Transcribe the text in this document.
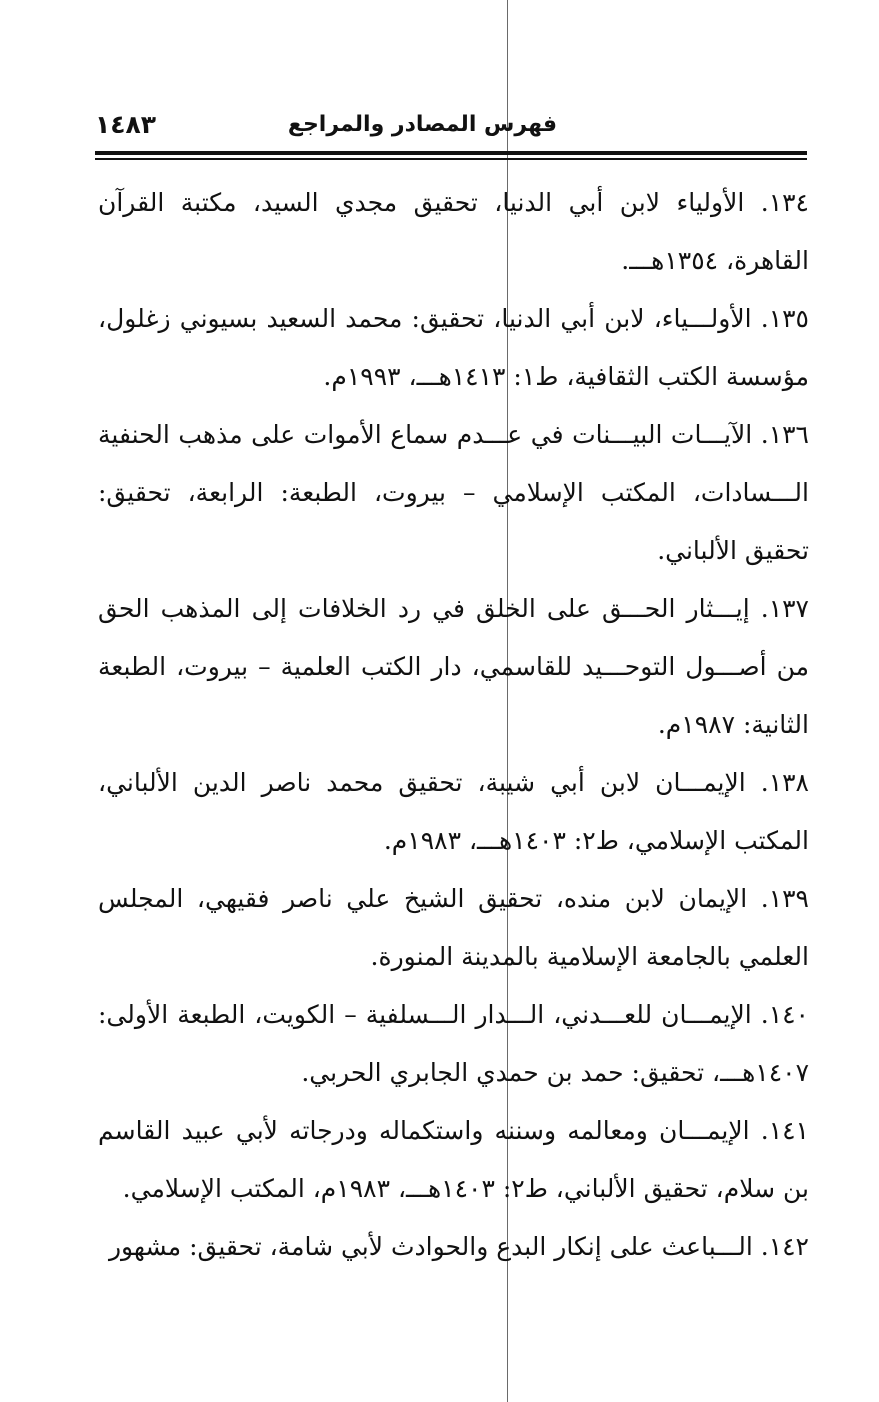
فهرس المصادر والمراجع
١٤٨٣

١٣٤. الأولياء لابن أبي الدنيا، تحقيق مجدي السيد، مكتبة القرآن القاهرة، ١٣٥٤هـــ.

١٣٥. الأولـــياء، لابن أبي الدنيا، تحقيق: محمد السعيد بسيوني زغلول، مؤسسة الكتب الثقافية، ط١: ١٤١٣هـــ، ١٩٩٣م.

١٣٦. الآيـــات البيـــنات في عـــدم سماع الأموات على مذهب الحنفية الـــسادات، المكتب الإسلامي – بيروت، الطبعة: الرابعة، تحقيق: تحقيق الألباني.

١٣٧. إيـــثار الحـــق على الخلق في رد الخلافات إلى المذهب الحق من أصـــول التوحـــيد للقاسمي، دار الكتب العلمية – بيروت، الطبعة الثانية: ١٩٨٧م.

١٣٨. الإيمـــان لابن أبي شيبة، تحقيق محمد ناصر الدين الألباني، المكتب الإسلامي، ط٢: ١٤٠٣هـــ، ١٩٨٣م.

١٣٩. الإيمان لابن منده، تحقيق الشيخ علي ناصر فقيهي، المجلس العلمي بالجامعة الإسلامية بالمدينة المنورة.

١٤٠. الإيمـــان للعـــدني، الـــدار الـــسلفية – الكويت، الطبعة الأولى: ١٤٠٧هـــ، تحقيق: حمد بن حمدي الجابري الحربي.

١٤١. الإيمـــان ومعالمه وسننه واستكماله ودرجاته لأبي عبيد القاسم بن سلام، تحقيق الألباني، ط٢: ١٤٠٣هـــ، ١٩٨٣م، المكتب الإسلامي.

١٤٢. الـــباعث على إنكار البدع والحوادث لأبي شامة، تحقيق: مشهور
